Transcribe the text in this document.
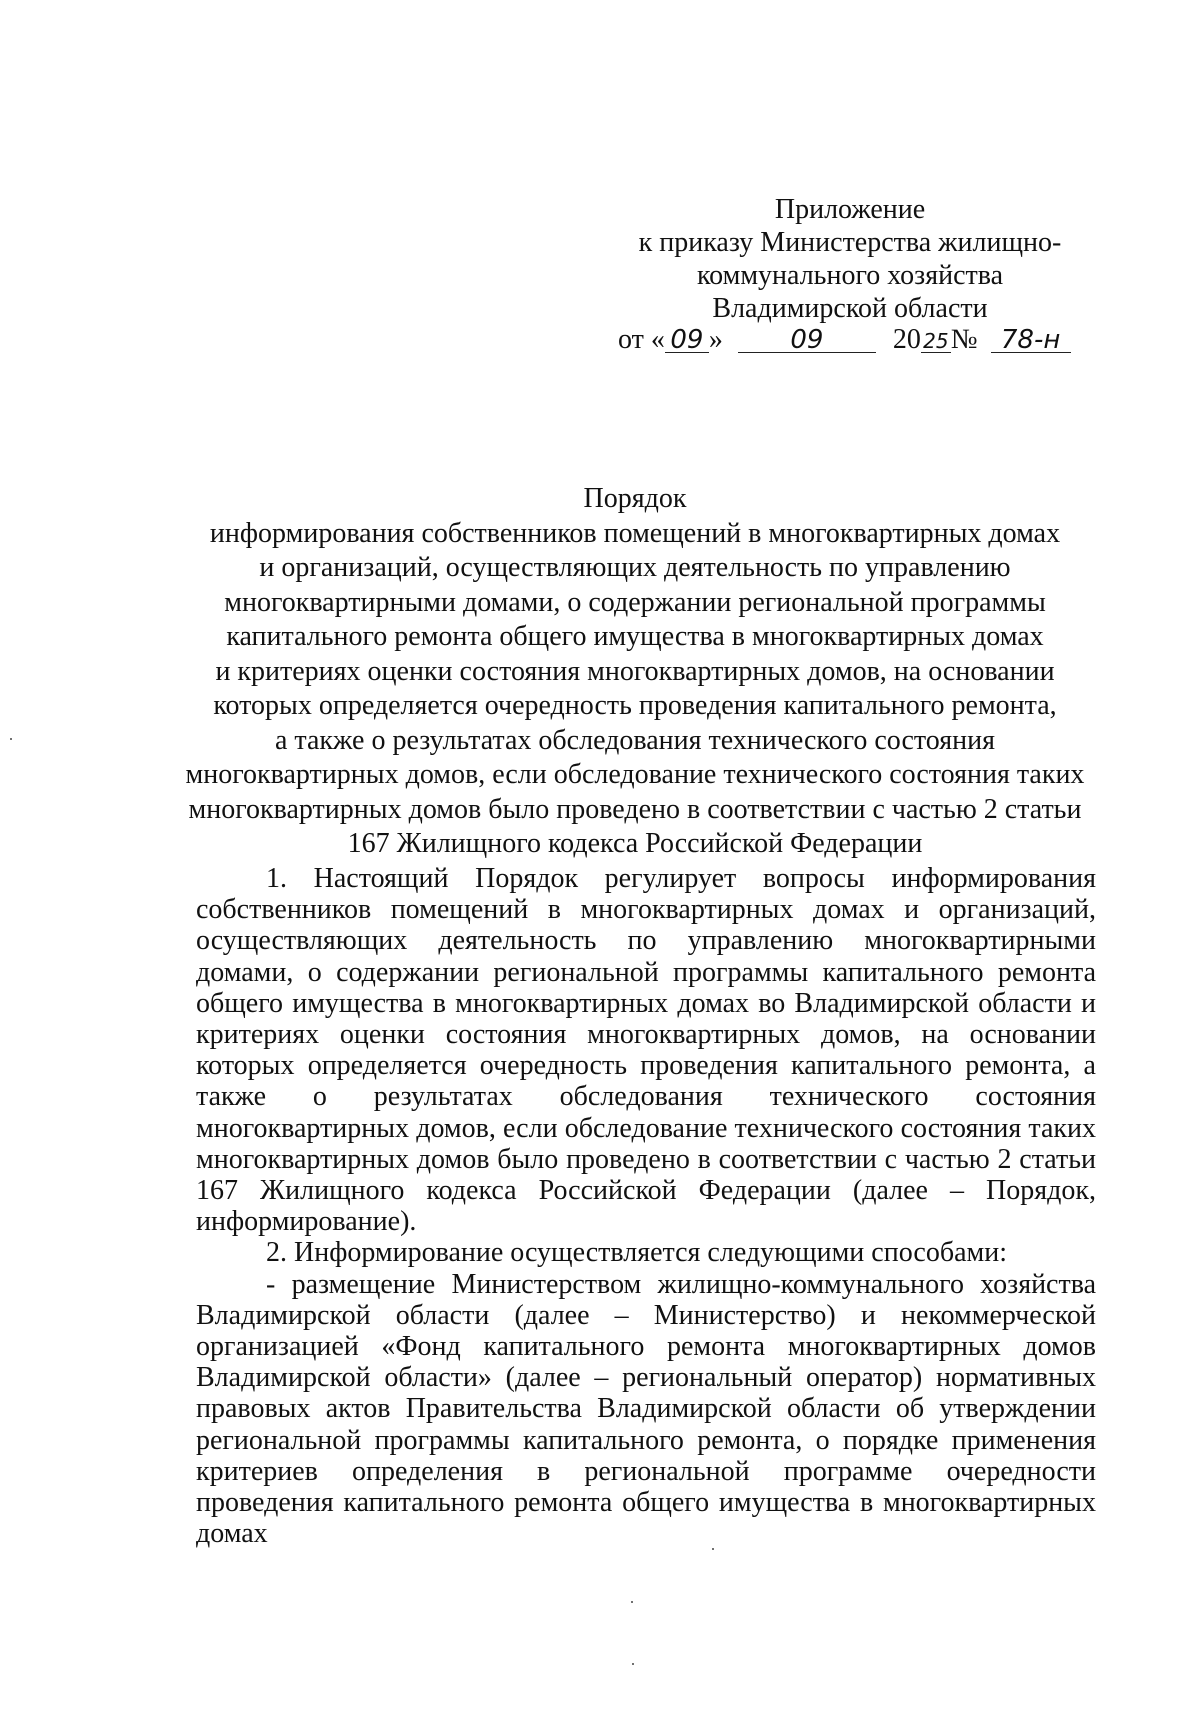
Приложение
к приказу Министерства жилищно-
коммунального хозяйства
Владимирской области
от « 09 »	09 20 25№ 78-н
Порядок
информирования собственников помещений в многоквартирных домах
и организаций, осуществляющих деятельность по управлению
многоквартирными домами, о содержании региональной программы
капитального ремонта общего имущества в многоквартирных домах
и критериях оценки состояния многоквартирных домов, на основании
которых определяется очередность проведения капитального ремонта,
а также о результатах обследования технического состояния
многоквартирных домов, если обследование технического состояния таких
многоквартирных домов было проведено в соответствии с частью 2 статьи
167 Жилищного кодекса Российской Федерации

1. Настоящий Порядок регулирует вопросы информирования собственников помещений в многоквартирных домах и организаций, осуществляющих деятельность по управлению многоквартирными домами, о содержании региональной программы капитального ремонта общего имущества в многоквартирных домах во Владимирской области и критериях оценки состояния многоквартирных домов, на основании которых определяется очередность проведения капитального ремонта, а также о результатах обследования технического состояния многоквартирных домов, если обследование технического состояния таких многоквартирных домов было проведено в соответствии с частью 2 статьи 167 Жилищного кодекса Российской Федерации (далее – Порядок, информирование).

2. Информирование осуществляется следующими способами:

- размещение Министерством жилищно-коммунального хозяйства Владимирской области (далее – Министерство) и некоммерческой организацией «Фонд капитального ремонта многоквартирных домов Владимирской области» (далее – региональный оператор) нормативных правовых актов Правительства Владимирской области об утверждении региональной программы капитального ремонта, о порядке применения критериев определения в региональной программе очередности проведения капитального ремонта общего имущества в многоквартирных домах
